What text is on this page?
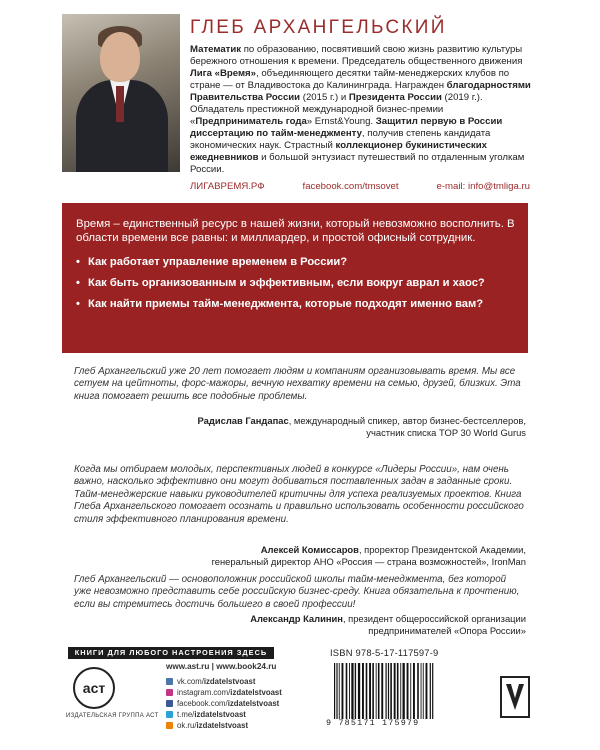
ГЛЕБ АРХАНГЕЛЬСКИЙ
Математик по образованию, посвятивший свою жизнь развитию культуры бережного отношения к времени. Председатель общественного движения Лига «Время», объединяющего десятки тайм-менеджерских клубов по стране — от Владивостока до Калининграда. Награжден благодарностями Правительства России (2015 г.) и Президента России (2019 г.). Обладатель престижной международной бизнес-премии «Предприниматель года» Ernst&Young. Защитил первую в России диссертацию по тайм-менеджменту, получив степень кандидата экономических наук. Страстный коллекционер букинистических ежедневников и большой энтузиаст путешествий по отдаленным уголкам России.
ЛИГАВРЕМЯ.РФ	facebook.com/tmsovet	e-mail: info@tmliga.ru

Время – единственный ресурс в нашей жизни, который невозможно восполнить. В области времени все равны: и миллиардер, и простой офисный сотрудник.

• Как работает управление временем в России?
• Как быть организованным и эффективным, если вокруг аврал и хаос?
• Как найти приемы тайм-менеджмента, которые подходят именно вам?

Глеб Архангельский уже 20 лет помогает людям и компаниям организовывать время. Мы все сетуем на цейтноты, форс-мажоры, вечную нехватку времени на семью, друзей, близких. Эта книга помогает решить все подобные проблемы.

Радислав Гандапас, международный спикер, автор бизнес-бестселлеров,
участник списка TOP 30 World Gurus

Когда мы отбираем молодых, перспективных людей в конкурсе «Лидеры России», нам очень важно, насколько эффективно они могут добиваться поставленных задач в заданные сроки. Тайм-менеджерские навыки руководителей критичны для успеха реализуемых проектов. Книга Глеба Архангельского помогает осознать и правильно использовать особенности российского стиля эффективного планирования времени.

Алексей Комиссаров, проректор Президентской Академии,
генеральный директор АНО «Россия — страна возможностей», IronMan

Глеб Архангельский — основоположник российской школы тайм-менеджмента, без которой уже невозможно представить себе российскую бизнес-среду. Книга обязательна к прочтению, если вы стремитесь достичь большего в своей профессии!

Александр Калинин, президент общероссийской организации
предпринимателей «Опора России»
КНИГИ ДЛЯ ЛЮБОГО НАСТРОЕНИЯ ЗДЕСЬ
аст
ИЗДАТЕЛЬСКАЯ ГРУППА АСТ
www.ast.ru | www.book24.ru
vk.com/izdatelstvoast
instagram.com/izdatelstvoast
facebook.com/izdatelstvoast
t.me/izdatelstvoast
ok.ru/izdatelstvoast
ISBN 978-5-17-117597-9
9 785171 175979
